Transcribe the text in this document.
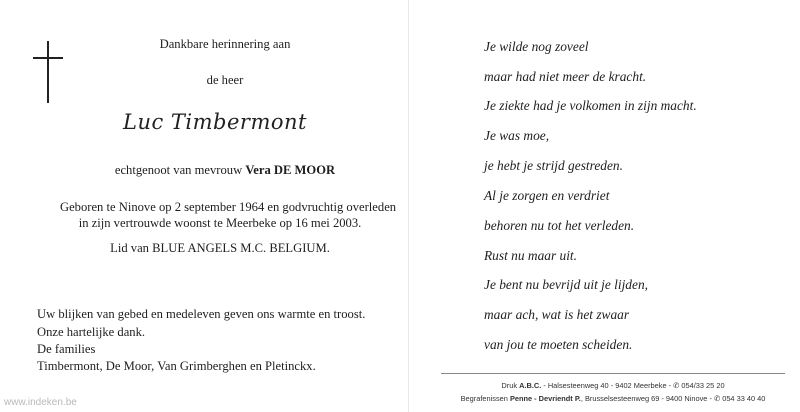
Dankbare herinnering aan
de heer
Luc Timbermont
echtgenoot van mevrouw Vera DE MOOR
Geboren te Ninove op 2 september 1964 en godvruchtig overleden
in zijn vertrouwde woonst te Meerbeke op 16 mei 2003.
Lid van BLUE ANGELS M.C. BELGIUM.
Uw blijken van gebed en medeleven geven ons warmte en troost.
Onze hartelijke dank.
De families
Timbermont, De Moor, Van Grimberghen en Pletinckx.
Je wilde nog zoveel
maar had niet meer de kracht.
Je ziekte had je volkomen in zijn macht.
Je was moe,
je hebt je strijd gestreden.
Al je zorgen en verdriet
behoren nu tot het verleden.
Rust nu maar uit.
Je bent nu bevrijd uit je lijden,
maar ach, wat is het zwaar
van jou te moeten scheiden.
Druk A.B.C. - Halsesteenweg 40 - 9402 Meerbeke - ✆ 054/33 25 20
Begrafenissen Penne - Devriendt P., Brusselsesteenweg 69 - 9400 Ninove - ✆ 054 33 40 40
www.indeken.be
